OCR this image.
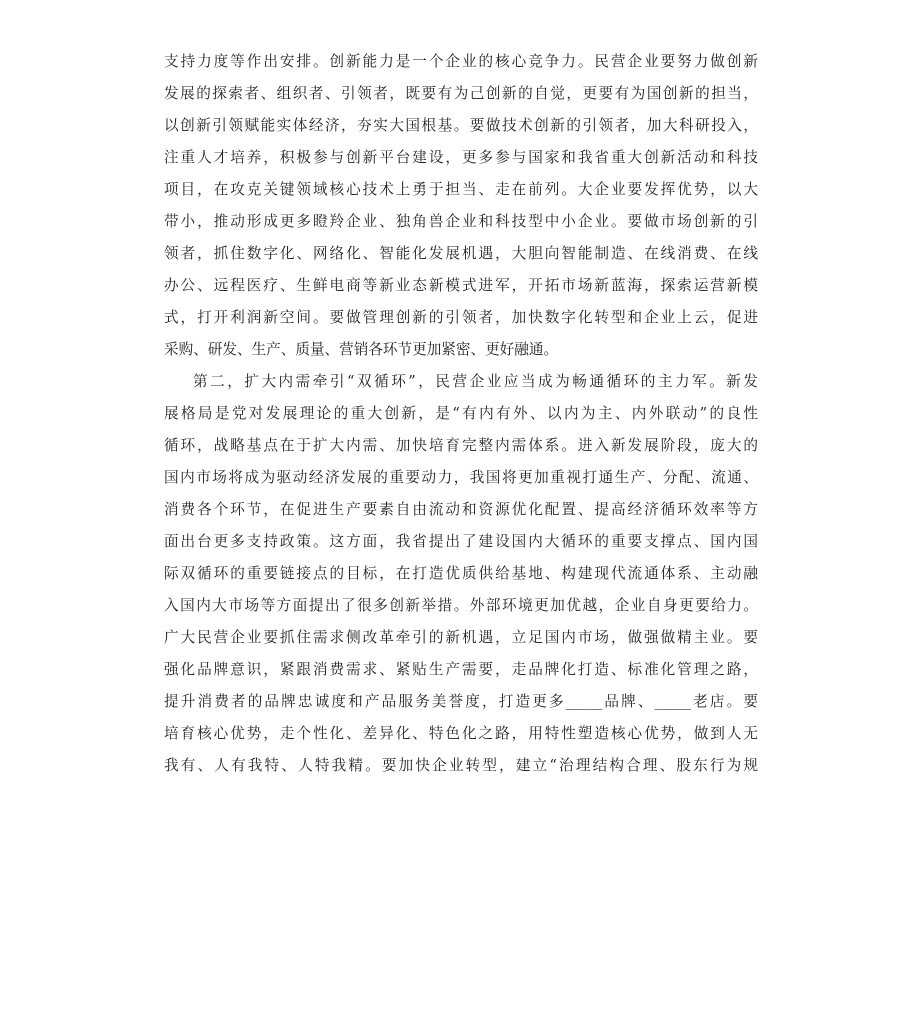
支持力度等作出安排。创新能力是一个企业的核心竞争力。民营企业要努力做创新
发展的探索者、组织者、引领者，既要有为己创新的自觉，更要有为国创新的担当，
以创新引领赋能实体经济，夯实大国根基。要做技术创新的引领者，加大科研投入，
注重人才培养，积极参与创新平台建设，更多参与国家和我省重大创新活动和科技
项目，在攻克关键领域核心技术上勇于担当、走在前列。大企业要发挥优势，以大
带小，推动形成更多瞪羚企业、独角兽企业和科技型中小企业。要做市场创新的引
领者，抓住数字化、网络化、智能化发展机遇，大胆向智能制造、在线消费、在线
办公、远程医疗、生鲜电商等新业态新模式进军，开拓市场新蓝海，探索运营新模
式，打开利润新空间。要做管理创新的引领者，加快数字化转型和企业上云，促进
采购、研发、生产、质量、营销各环节更加紧密、更好融通。
第二，扩大内需牵引“双循环”，民营企业应当成为畅通循环的主力军。新发
展格局是党对发展理论的重大创新，是“有内有外、以内为主、内外联动”的良性
循环，战略基点在于扩大内需、加快培育完整内需体系。进入新发展阶段，庞大的
国内市场将成为驱动经济发展的重要动力，我国将更加重视打通生产、分配、流通、
消费各个环节，在促进生产要素自由流动和资源优化配置、提高经济循环效率等方
面出台更多支持政策。这方面，我省提出了建设国内大循环的重要支撑点、国内国
际双循环的重要链接点的目标，在打造优质供给基地、构建现代流通体系、主动融
入国内大市场等方面提出了很多创新举措。外部环境更加优越，企业自身更要给力。
广大民营企业要抓住需求侧改革牵引的新机遇，立足国内市场，做强做精主业。要
强化品牌意识，紧跟消费需求、紧贴生产需要，走品牌化打造、标准化管理之路，
提升消费者的品牌忠诚度和产品服务美誉度，打造更多_____品牌、_____老店。要
培育核心优势，走个性化、差异化、特色化之路，用特性塑造核心优势，做到人无
我有、人有我特、人特我精。要加快企业转型，建立“治理结构合理、股东行为规
